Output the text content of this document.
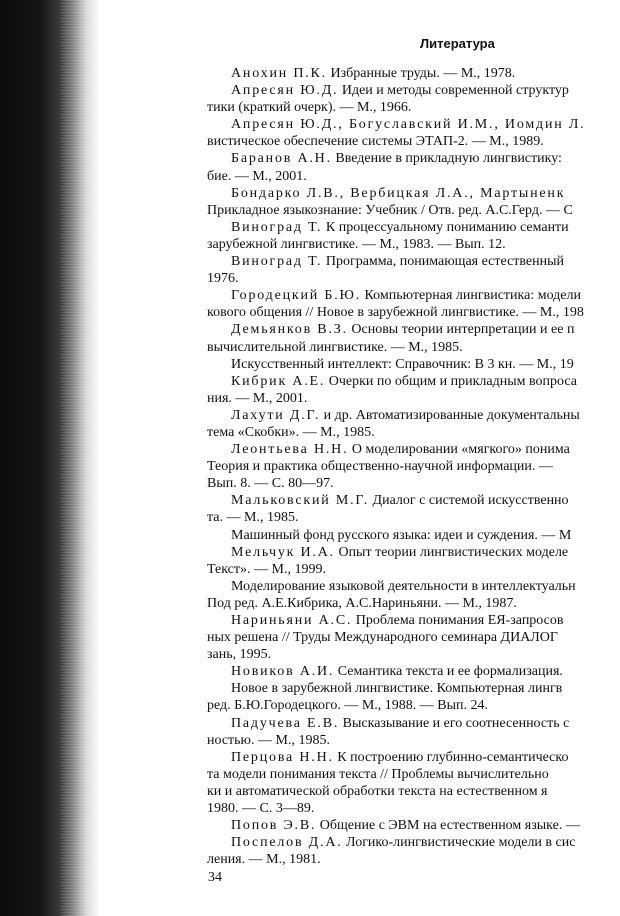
Литература
Анохин П.К. Избранные труды. — М., 1978.
Апресян Ю.Д. Идеи и методы современной структур
тики (краткий очерк). — М., 1966.
Апресян Ю.Д., Богуславский И.М., Иомдин Л.
вистическое обеспечение системы ЭТАП-2. — М., 1989.
Баранов А.Н. Введение в прикладную лингвистику:
бие. — М., 2001.
Бондарко Л.В., Вербицкая Л.А., Мартыненк
Прикладное языкознание: Учебник / Отв. ред. А.С.Герд. — С
Виноград Т. К процессуальному пониманию семанти
зарубежной лингвистике. — М., 1983. — Вып. 12.
Виноград Т. Программа, понимающая естественный
1976.
Городецкий Б.Ю. Компьютерная лингвистика: модели
кового общения // Новое в зарубежной лингвистике. — М., 198
Демьянков В.З. Основы теории интерпретации и ее п
вычислительной лингвистике. — М., 1985.
Искусственный интеллект: Справочник: В 3 кн. — М., 19
Кибрик А.Е. Очерки по общим и прикладным вопроса
ния. — М., 2001.
Лахути Д.Г. и др. Автоматизированные документальны
тема «Скобки». — М., 1985.
Леонтьева Н.Н. О моделировании «мягкого» понима
Теория и практика общественно-научной информации. —
Вып. 8. — С. 80—97.
Мальковский М.Г. Диалог с системой искусственно
та. — М., 1985.
Машинный фонд русского языка: идеи и суждения. — М
Мельчук И.А. Опыт теории лингвистических моделе
Текст». — М., 1999.
Моделирование языковой деятельности в интеллектуальн
Под ред. А.Е.Кибрика, А.С.Нариньяни. — М., 1987.
Нариньяни А.С. Проблема понимания ЕЯ-запросов
ных решена // Труды Международного семинара ДИАЛОГ
зань, 1995.
Новиков А.И. Семантика текста и ее формализация.
Новое в зарубежной лингвистике. Компьютерная лингв
ред. Б.Ю.Городецкого. — М., 1988. — Вып. 24.
Падучева Е.В. Высказывание и его соотнесенность с
ностью. — М., 1985.
Перцова Н.Н. К построению глубинно-семантическо
та модели понимания текста // Проблемы вычислительно
ки и автоматической обработки текста на естественном я
1980. — С. 3—89.
Попов Э.В. Общение с ЭВМ на естественном языке. —
Поспелов Д.А. Логико-лингвистические модели в сис
ления. — М., 1981.
34
